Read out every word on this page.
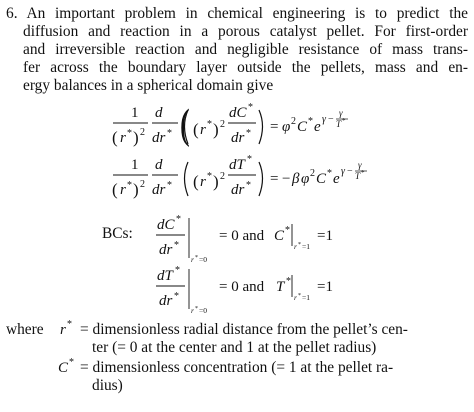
6. An important problem in chemical engineering is to predict the
diffusion and reaction in a porous catalyst pellet. For first-order
and irreversible reaction and negligible resistance of mass trans-
fer across the boundary layer outside the pellets, mass and en-
ergy balances in a spherical domain give
1
( r * ) 2
d
dr * ( ( r * ) 2
dC *
dr * = φ 2 C * e γ −
γ
T *
1
( r * ) 2
d
dr * ( r * ) 2
dT *
dr * = − β φ 2 C * e γ −
γ
T *
BCs: dC *
dr *
r * =0
= 0 and C *
r * =1
=1
dT *
dr *
r * =0
= 0 and T *
r * =1
=1
where r * = dimensionless radial distance from the pellet’s cen-
ter (= 0 at the center and 1 at the pellet radius)
C * = dimensionless concentration (= 1 at the pellet ra-
dius)
